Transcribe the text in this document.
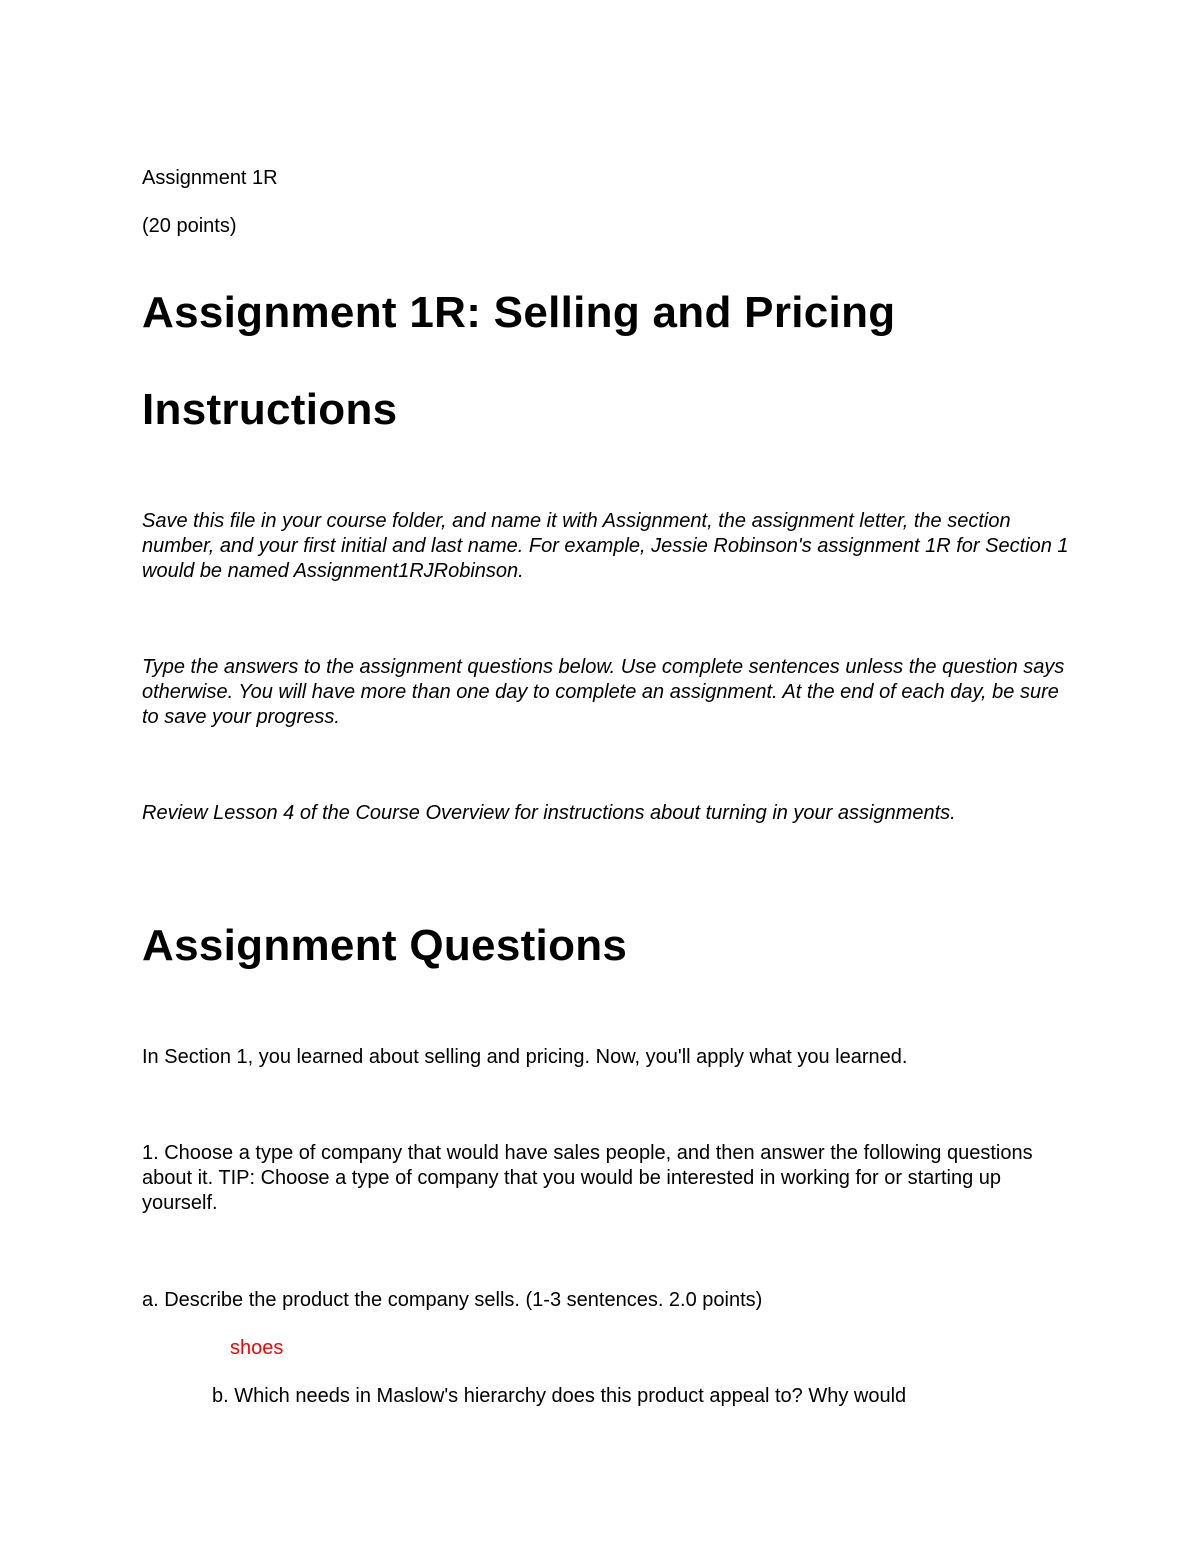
Assignment 1R

(20 points)

Assignment 1R: Selling and Pricing
Instructions

Save this file in your course folder, and name it with Assignment, the assignment letter, the section number, and your first initial and last name. For example, Jessie Robinson's assignment 1R for Section 1 would be named Assignment1RJRobinson.

Type the answers to the assignment questions below. Use complete sentences unless the question says otherwise. You will have more than one day to complete an assignment. At the end of each day, be sure to save your progress.

Review Lesson 4 of the Course Overview for instructions about turning in your assignments.

Assignment Questions

In Section 1, you learned about selling and pricing. Now, you'll apply what you learned.

1. Choose a type of company that would have sales people, and then answer the following questions about it. TIP: Choose a type of company that you would be interested in working for or starting up yourself.

a. Describe the product the company sells. (1-3 sentences. 2.0 points)

shoes

b. Which needs in Maslow's hierarchy does this product appeal to? Why would
